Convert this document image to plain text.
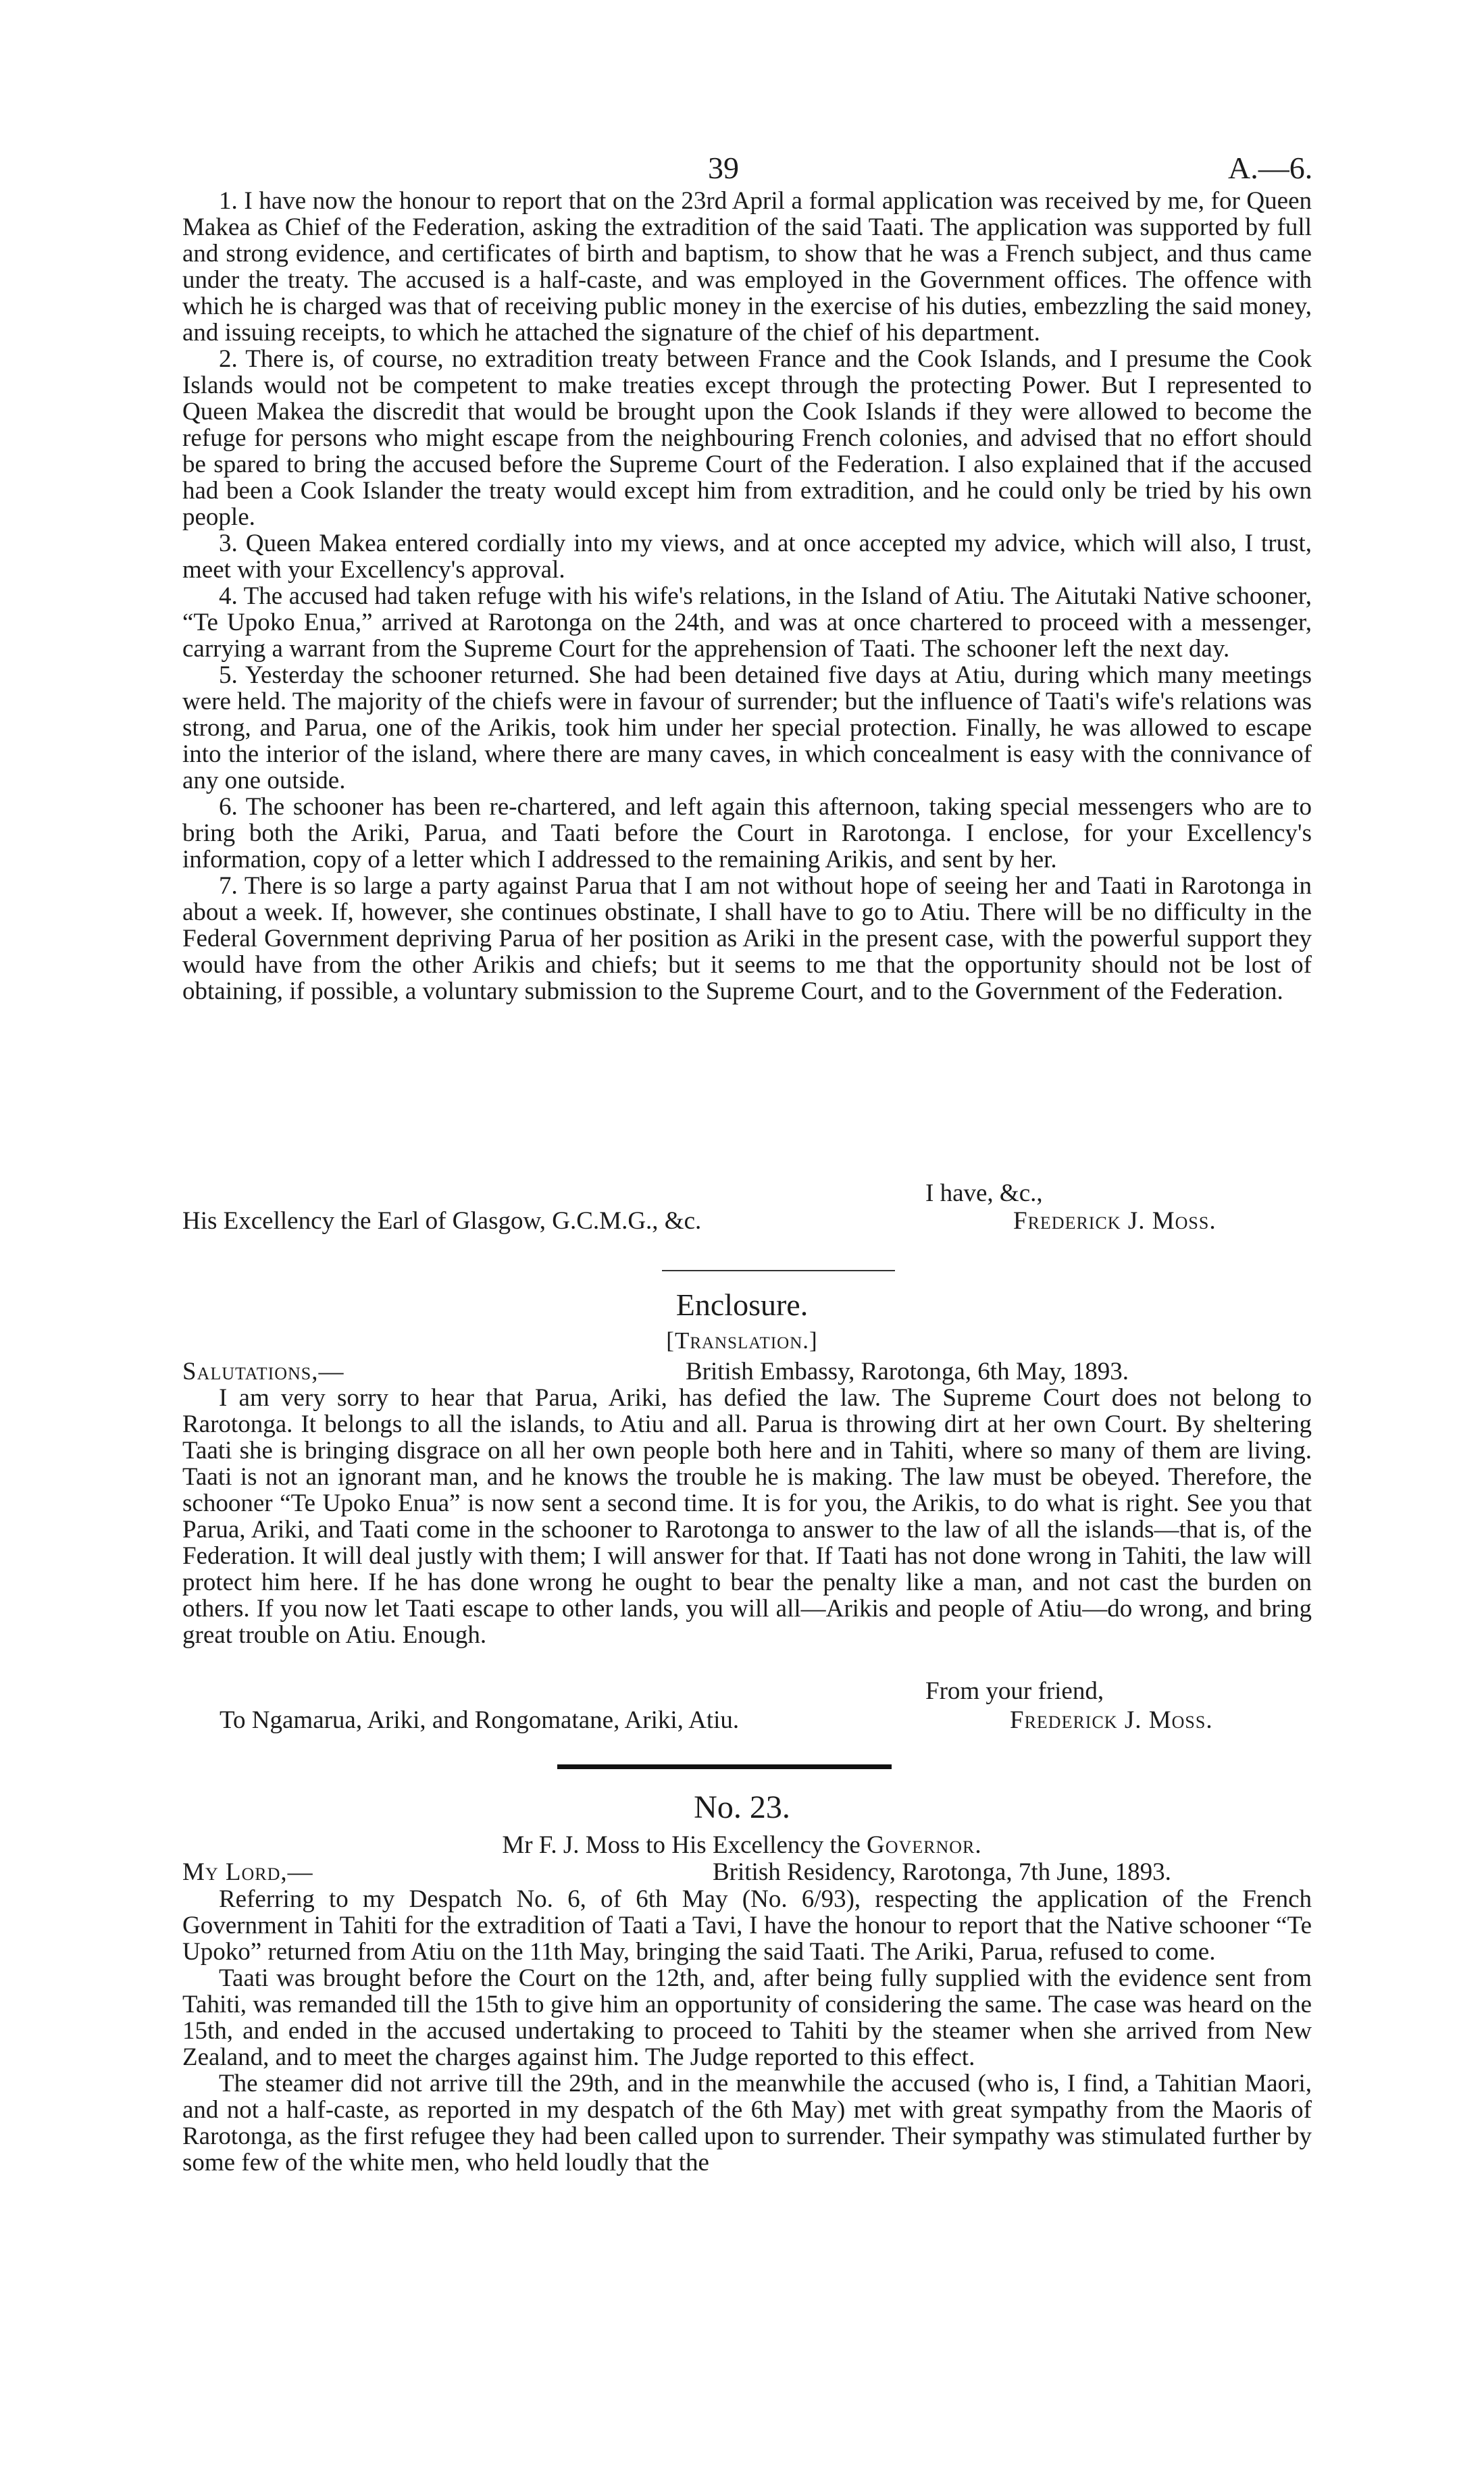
39	A.—6.

1. I have now the honour to report that on the 23rd April a formal application was received by me, for Queen Makea as Chief of the Federation, asking the extradition of the said Taati. The application was supported by full and strong evidence, and certificates of birth and baptism, to show that he was a French subject, and thus came under the treaty. The accused is a half-caste, and was employed in the Government offices. The offence with which he is charged was that of receiving public money in the exercise of his duties, embezzling the said money, and issuing receipts, to which he attached the signature of the chief of his department.

2. There is, of course, no extradition treaty between France and the Cook Islands, and I presume the Cook Islands would not be competent to make treaties except through the protecting Power. But I represented to Queen Makea the discredit that would be brought upon the Cook Islands if they were allowed to become the refuge for persons who might escape from the neighbouring French colonies, and advised that no effort should be spared to bring the accused before the Supreme Court of the Federation. I also explained that if the accused had been a Cook Islander the treaty would except him from extradition, and he could only be tried by his own people.

3. Queen Makea entered cordially into my views, and at once accepted my advice, which will also, I trust, meet with your Excellency's approval.

4. The accused had taken refuge with his wife's relations, in the Island of Atiu. The Aitutaki Native schooner, “Te Upoko Enua,” arrived at Rarotonga on the 24th, and was at once chartered to proceed with a messenger, carrying a warrant from the Supreme Court for the apprehension of Taati. The schooner left the next day.

5. Yesterday the schooner returned. She had been detained five days at Atiu, during which many meetings were held. The majority of the chiefs were in favour of surrender; but the influence of Taati's wife's relations was strong, and Parua, one of the Arikis, took him under her special protection. Finally, he was allowed to escape into the interior of the island, where there are many caves, in which concealment is easy with the connivance of any one outside.

6. The schooner has been re-chartered, and left again this afternoon, taking special messengers who are to bring both the Ariki, Parua, and Taati before the Court in Rarotonga. I enclose, for your Excellency's information, copy of a letter which I addressed to the remaining Arikis, and sent by her.

7. There is so large a party against Parua that I am not without hope of seeing her and Taati in Rarotonga in about a week. If, however, she continues obstinate, I shall have to go to Atiu. There will be no difficulty in the Federal Government depriving Parua of her position as Ariki in the present case, with the powerful support they would have from the other Arikis and chiefs; but it seems to me that the opportunity should not be lost of obtaining, if possible, a voluntary submission to the Supreme Court, and to the Government of the Federation.

I have, &c.,
His Excellency the Earl of Glasgow, G.C.M.G., &c.	Frederick J. Moss.
Enclosure.
[Translation.]
Salutations,—	British Embassy, Rarotonga, 6th May, 1893.

I am very sorry to hear that Parua, Ariki, has defied the law. The Supreme Court does not belong to Rarotonga. It belongs to all the islands, to Atiu and all. Parua is throwing dirt at her own Court. By sheltering Taati she is bringing disgrace on all her own people both here and in Tahiti, where so many of them are living. Taati is not an ignorant man, and he knows the trouble he is making. The law must be obeyed. Therefore, the schooner “Te Upoko Enua” is now sent a second time. It is for you, the Arikis, to do what is right. See you that Parua, Ariki, and Taati come in the schooner to Rarotonga to answer to the law of all the islands—that is, of the Federation. It will deal justly with them; I will answer for that. If Taati has not done wrong in Tahiti, the law will protect him here. If he has done wrong he ought to bear the penalty like a man, and not cast the burden on others. If you now let Taati escape to other lands, you will all—Arikis and people of Atiu—do wrong, and bring great trouble on Atiu. Enough.

From your friend,
To Ngamarua, Ariki, and Rongomatane, Ariki, Atiu.	Frederick J. Moss.
No. 23.
Mr F. J. Moss to His Excellency the Governor.
My Lord,—	British Residency, Rarotonga, 7th June, 1893.

Referring to my Despatch No. 6, of 6th May (No. 6/93), respecting the application of the French Government in Tahiti for the extradition of Taati a Tavi, I have the honour to report that the Native schooner “Te Upoko” returned from Atiu on the 11th May, bringing the said Taati. The Ariki, Parua, refused to come.

Taati was brought before the Court on the 12th, and, after being fully supplied with the evidence sent from Tahiti, was remanded till the 15th to give him an opportunity of considering the same. The case was heard on the 15th, and ended in the accused undertaking to proceed to Tahiti by the steamer when she arrived from New Zealand, and to meet the charges against him. The Judge reported to this effect.

The steamer did not arrive till the 29th, and in the meanwhile the accused (who is, I find, a Tahitian Maori, and not a half-caste, as reported in my despatch of the 6th May) met with great sympathy from the Maoris of Rarotonga, as the first refugee they had been called upon to surrender. Their sympathy was stimulated further by some few of the white men, who held loudly that the
